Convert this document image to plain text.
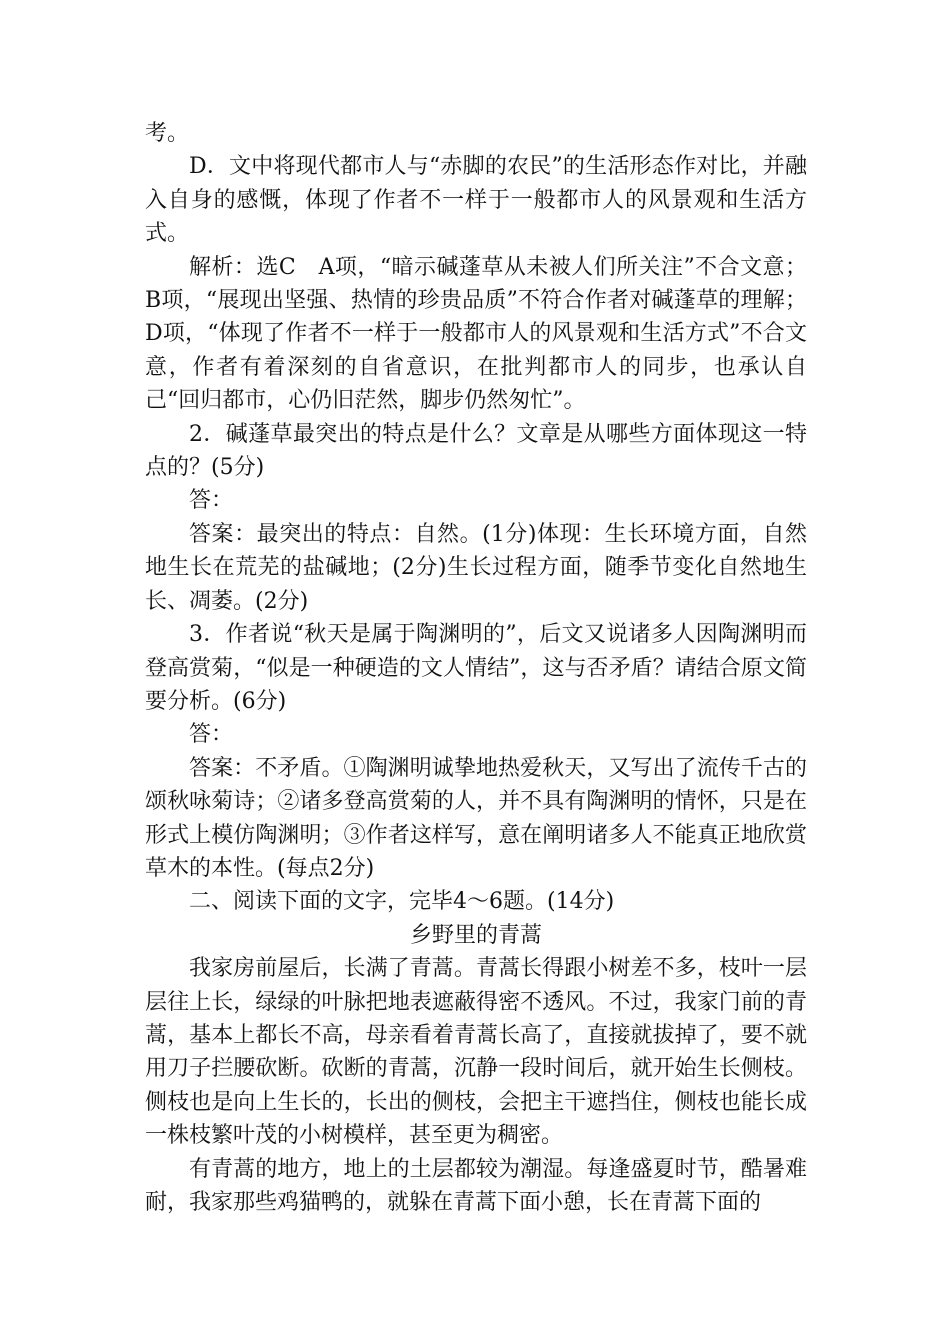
考。

D．文中将现代都市人与“赤脚的农民”的生活形态作对比，并融入自身的感慨，体现了作者不一样于一般都市人的风景观和生活方式。

解析：选C　A项，“暗示碱蓬草从未被人们所关注”不合文意；B项，“展现出坚强、热情的珍贵品质”不符合作者对碱蓬草的理解；D项，“体现了作者不一样于一般都市人的风景观和生活方式”不合文意，作者有着深刻的自省意识，在批判都市人的同步，也承认自己“回归都市，心仍旧茫然，脚步仍然匆忙”。

2．碱蓬草最突出的特点是什么？文章是从哪些方面体现这一特点的？(5分)

答：

答案：最突出的特点：自然。(1分)体现：生长环境方面，自然地生长在荒芜的盐碱地；(2分)生长过程方面，随季节变化自然地生长、凋萎。(2分)

3．作者说“秋天是属于陶渊明的”，后文又说诸多人因陶渊明而登高赏菊，“似是一种硬造的文人情结”，这与否矛盾？请结合原文简要分析。(6分)

答：

答案：不矛盾。①陶渊明诚挚地热爱秋天，又写出了流传千古的颂秋咏菊诗；②诸多登高赏菊的人，并不具有陶渊明的情怀，只是在形式上模仿陶渊明；③作者这样写，意在阐明诸多人不能真正地欣赏草木的本性。(每点2分)

二、阅读下面的文字，完毕4～6题。(14分)

乡野里的青蒿

我家房前屋后，长满了青蒿。青蒿长得跟小树差不多，枝叶一层层往上长，绿绿的叶脉把地表遮蔽得密不透风。不过，我家门前的青蒿，基本上都长不高，母亲看着青蒿长高了，直接就拔掉了，要不就用刀子拦腰砍断。砍断的青蒿，沉静一段时间后，就开始生长侧枝。侧枝也是向上生长的，长出的侧枝，会把主干遮挡住，侧枝也能长成一株枝繁叶茂的小树模样，甚至更为稠密。

有青蒿的地方，地上的土层都较为潮湿。每逢盛夏时节，酷暑难耐，我家那些鸡猫鸭的，就躲在青蒿下面小憩，长在青蒿下面的
